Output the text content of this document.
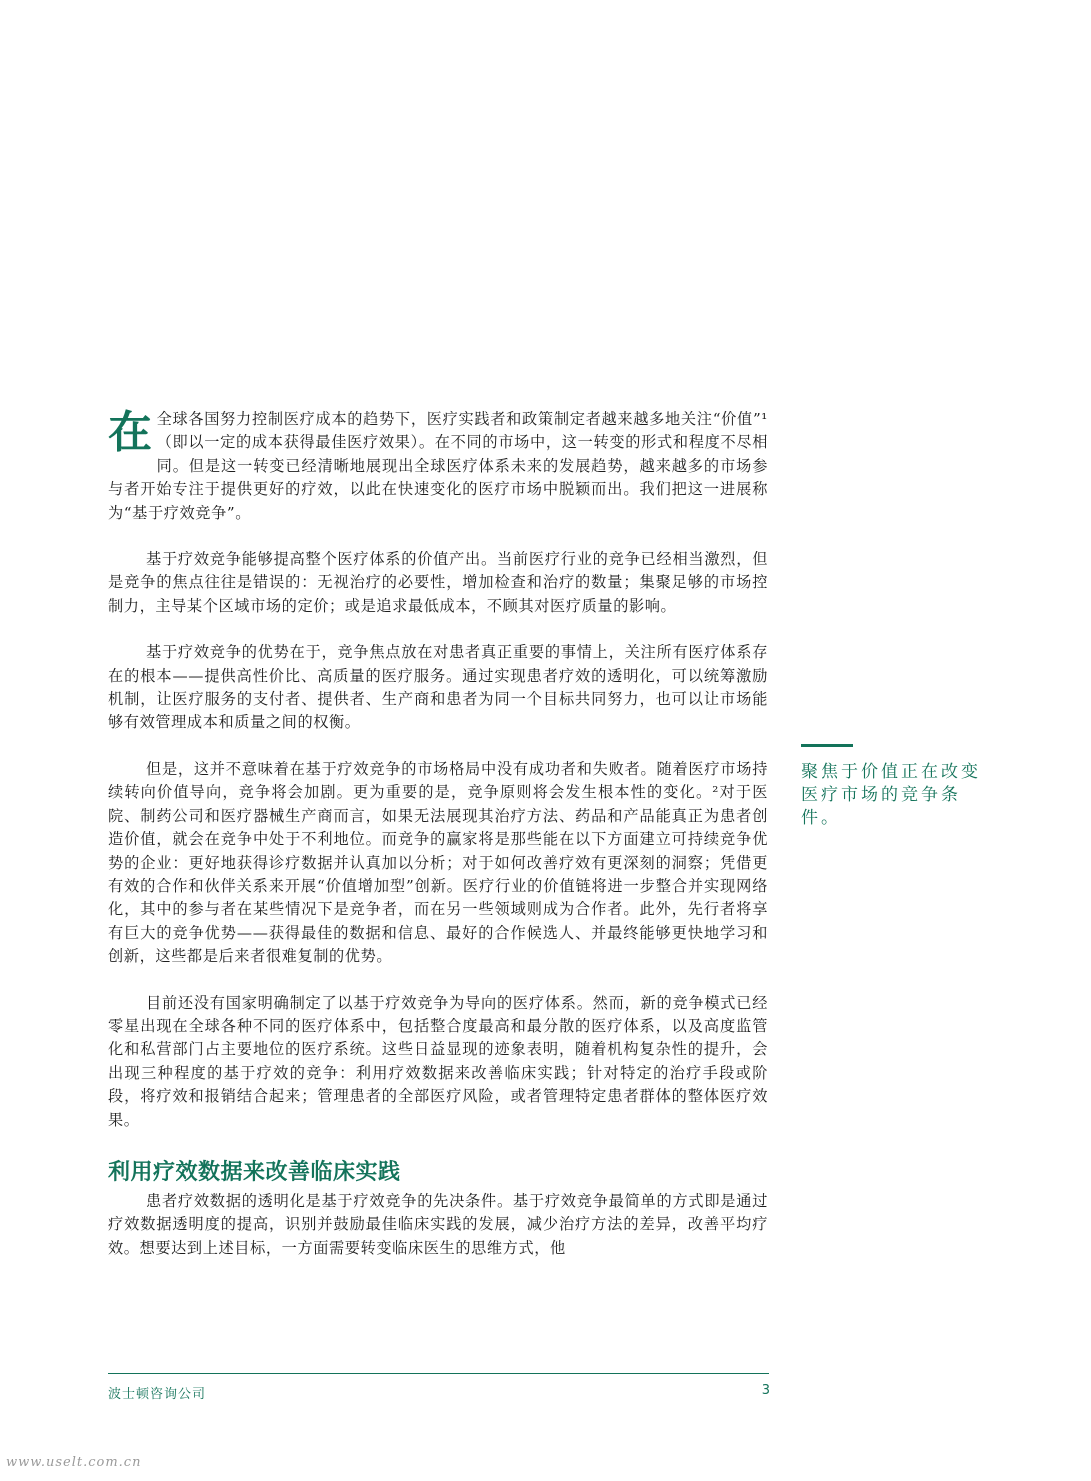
在全球各国努力控制医疗成本的趋势下，医疗实践者和政策制定者越来越多地关注“价值”¹（即以一定的成本获得最佳医疗效果）。在不同的市场中，这一转变的形式和程度不尽相同。但是这一转变已经清晰地展现出全球医疗体系未来的发展趋势，越来越多的市场参与者开始专注于提供更好的疗效，以此在快速变化的医疗市场中脱颖而出。我们把这一进展称为“基于疗效竞争”。

基于疗效竞争能够提高整个医疗体系的价值产出。当前医疗行业的竞争已经相当激烈，但是竞争的焦点往往是错误的：无视治疗的必要性，增加检查和治疗的数量；集聚足够的市场控制力，主导某个区域市场的定价；或是追求最低成本，不顾其对医疗质量的影响。

基于疗效竞争的优势在于，竞争焦点放在对患者真正重要的事情上，关注所有医疗体系存在的根本——提供高性价比、高质量的医疗服务。通过实现患者疗效的透明化，可以统筹激励机制，让医疗服务的支付者、提供者、生产商和患者为同一个目标共同努力，也可以让市场能够有效管理成本和质量之间的权衡。

但是，这并不意味着在基于疗效竞争的市场格局中没有成功者和失败者。随着医疗市场持续转向价值导向，竞争将会加剧。更为重要的是，竞争原则将会发生根本性的变化。²对于医院、制药公司和医疗器械生产商而言，如果无法展现其治疗方法、药品和产品能真正为患者创造价值，就会在竞争中处于不利地位。而竞争的赢家将是那些能在以下方面建立可持续竞争优势的企业：更好地获得诊疗数据并认真加以分析；对于如何改善疗效有更深刻的洞察；凭借更有效的合作和伙伴关系来开展“价值增加型”创新。医疗行业的价值链将进一步整合并实现网络化，其中的参与者在某些情况下是竞争者，而在另一些领域则成为合作者。此外，先行者将享有巨大的竞争优势——获得最佳的数据和信息、最好的合作候选人、并最终能够更快地学习和创新，这些都是后来者很难复制的优势。

目前还没有国家明确制定了以基于疗效竞争为导向的医疗体系。然而，新的竞争模式已经零星出现在全球各种不同的医疗体系中，包括整合度最高和最分散的医疗体系，以及高度监管化和私营部门占主要地位的医疗系统。这些日益显现的迹象表明，随着机构复杂性的提升，会出现三种程度的基于疗效的竞争：利用疗效数据来改善临床实践；针对特定的治疗手段或阶段，将疗效和报销结合起来；管理患者的全部医疗风险，或者管理特定患者群体的整体医疗效果。

利用疗效数据来改善临床实践

患者疗效数据的透明化是基于疗效竞争的先决条件。基于疗效竞争最简单的方式即是通过疗效数据透明度的提高，识别并鼓励最佳临床实践的发展，减少治疗方法的差异，改善平均疗效。想要达到上述目标，一方面需要转变临床医生的思维方式，他

聚焦于价值正在改变医疗市场的竞争条件。
波士顿咨询公司	3
www.uselt.com.cn
